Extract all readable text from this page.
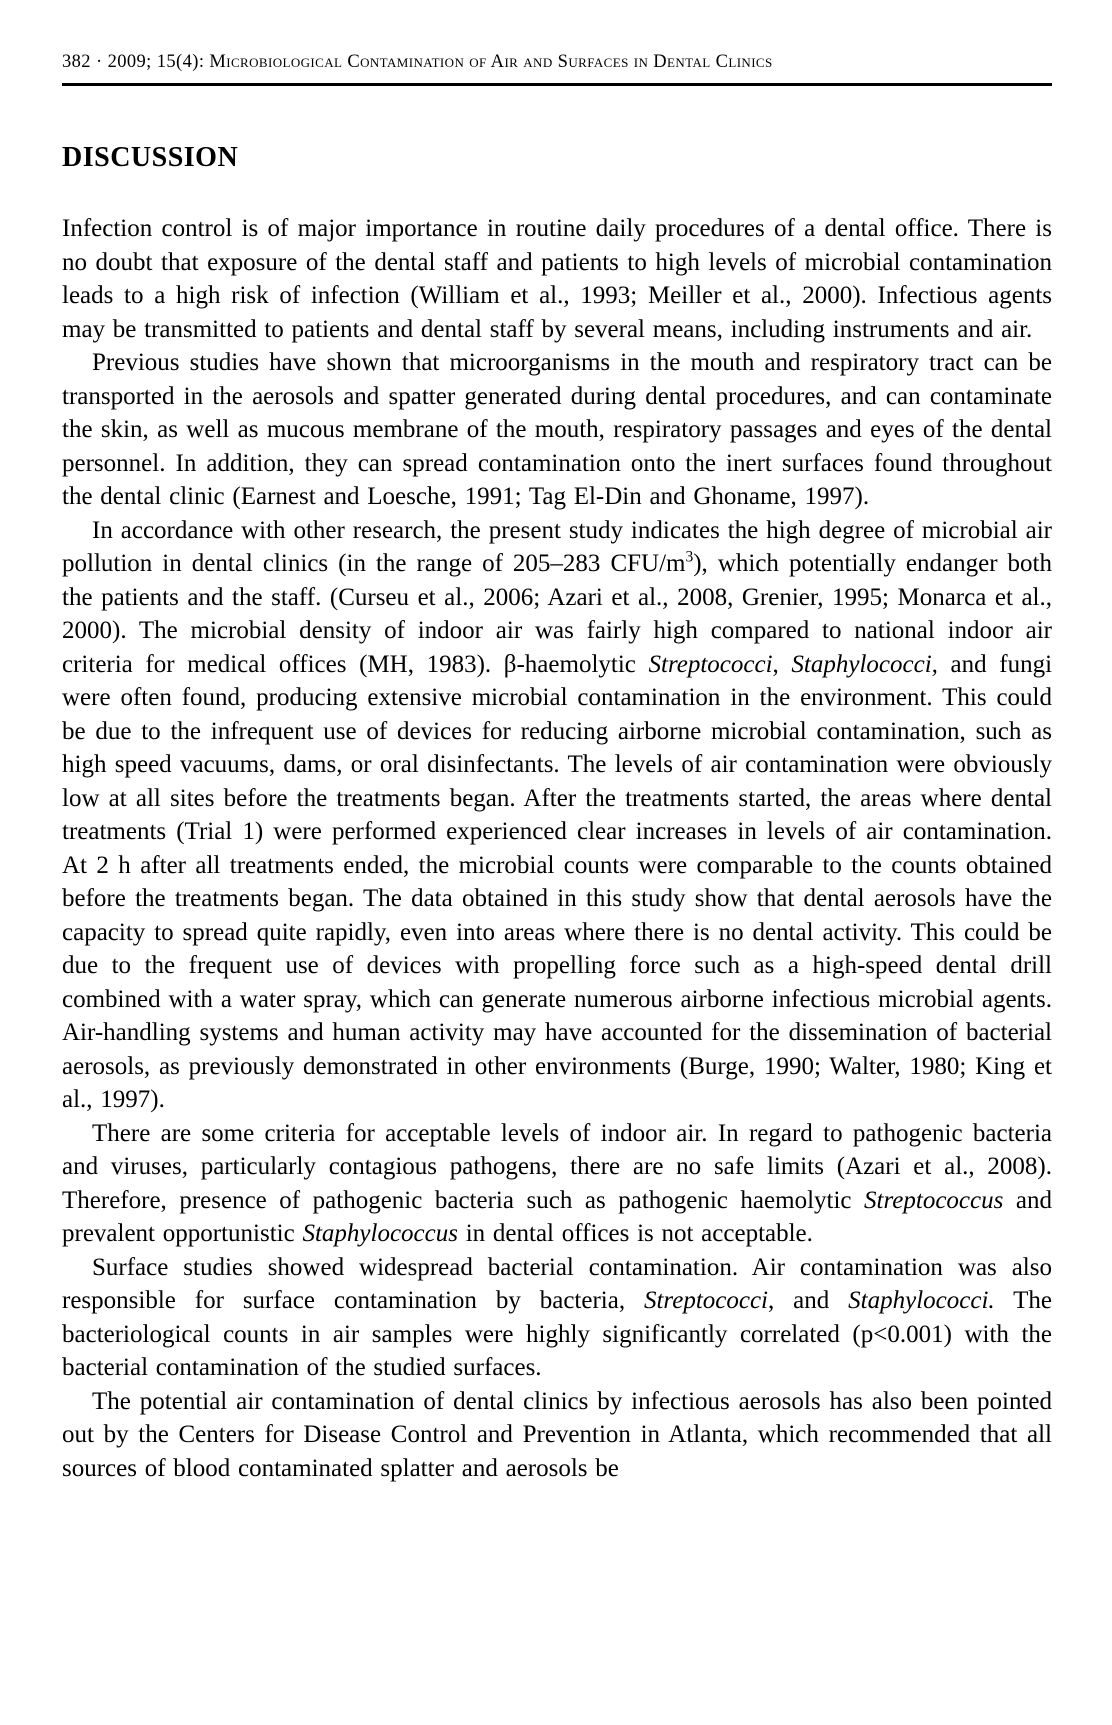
382 · 2009; 15(4): Microbiological Contamination of Air and Surfaces in Dental Clinics
DISCUSSION

Infection control is of major importance in routine daily procedures of a dental office. There is no doubt that exposure of the dental staff and patients to high levels of microbial contamination leads to a high risk of infection (William et al., 1993; Meiller et al., 2000). Infectious agents may be transmitted to patients and dental staff by several means, including instruments and air.

Previous studies have shown that microorganisms in the mouth and respiratory tract can be transported in the aerosols and spatter generated during dental procedures, and can contaminate the skin, as well as mucous membrane of the mouth, respiratory passages and eyes of the dental personnel. In addition, they can spread contamination onto the inert surfaces found throughout the dental clinic (Earnest and Loesche, 1991; Tag El-Din and Ghoname, 1997).

In accordance with other research, the present study indicates the high degree of microbial air pollution in dental clinics (in the range of 205–283 CFU/$m^3$), which potentially endanger both the patients and the staff. (Curseu et al., 2006; Azari et al., 2008, Grenier, 1995; Monarca et al., 2000). The microbial density of indoor air was fairly high compared to national indoor air criteria for medical offices (MH, 1983). β-haemolytic Streptococci, Staphylococci, and fungi were often found, producing extensive microbial contamination in the environment. This could be due to the infrequent use of devices for reducing airborne microbial contamination, such as high speed vacuums, dams, or oral disinfectants. The levels of air contamination were obviously low at all sites before the treatments began. After the treatments started, the areas where dental treatments (Trial 1) were performed experienced clear increases in levels of air contamination. At 2 h after all treatments ended, the microbial counts were comparable to the counts obtained before the treatments began. The data obtained in this study show that dental aerosols have the capacity to spread quite rapidly, even into areas where there is no dental activity. This could be due to the frequent use of devices with propelling force such as a high-speed dental drill combined with a water spray, which can generate numerous airborne infectious microbial agents. Air-handling systems and human activity may have accounted for the dissemination of bacterial aerosols, as previously demonstrated in other environments (Burge, 1990; Walter, 1980; King et al., 1997).

There are some criteria for acceptable levels of indoor air. In regard to pathogenic bacteria and viruses, particularly contagious pathogens, there are no safe limits (Azari et al., 2008). Therefore, presence of pathogenic bacteria such as pathogenic haemolytic Streptococcus and prevalent opportunistic Staphylococcus in dental offices is not acceptable.

Surface studies showed widespread bacterial contamination. Air contamination was also responsible for surface contamination by bacteria, Streptococci, and Staphylococci. The bacteriological counts in air samples were highly significantly correlated (p<0.001) with the bacterial contamination of the studied surfaces.

The potential air contamination of dental clinics by infectious aerosols has also been pointed out by the Centers for Disease Control and Prevention in Atlanta, which recommended that all sources of blood contaminated splatter and aerosols be
